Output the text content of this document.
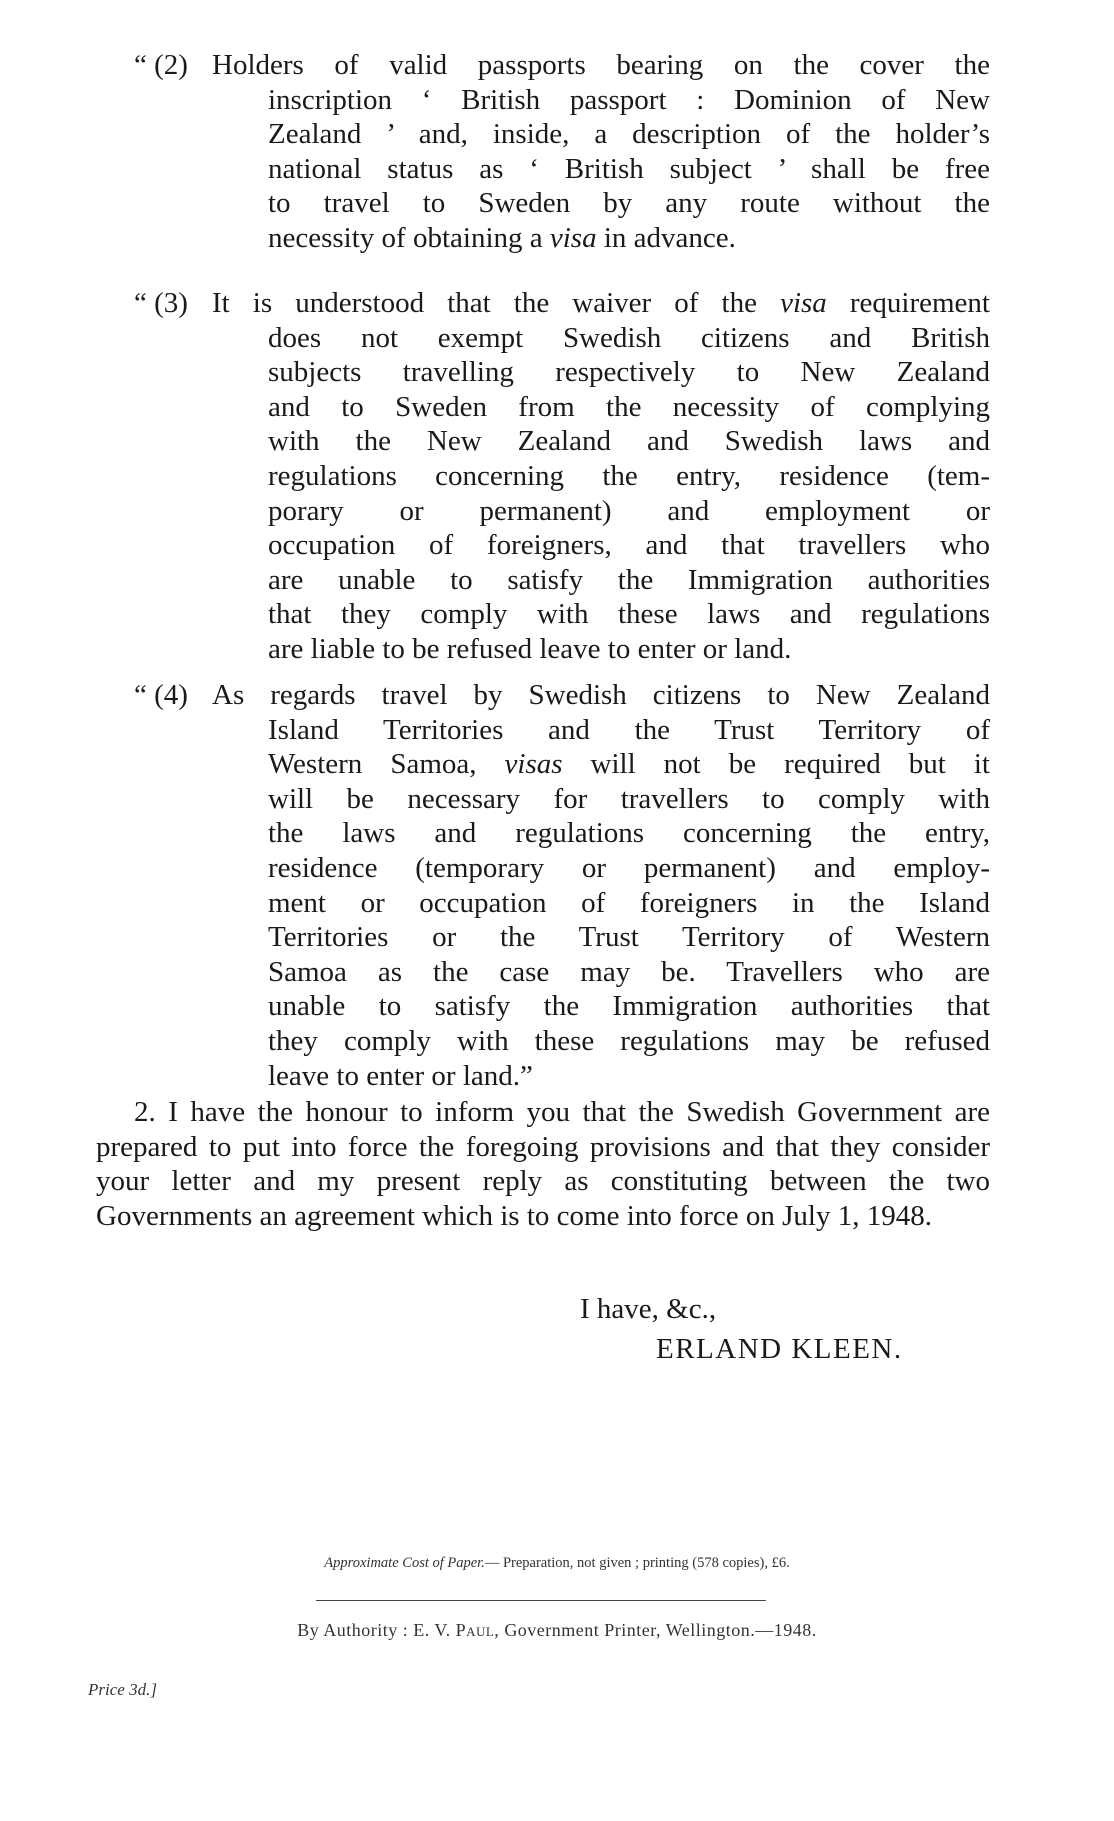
“ (2) Holders of valid passports bearing on the cover the
inscription ‘ British passport : Dominion of New
Zealand ’ and, inside, a description of the holder’s
national status as ‘ British subject ’ shall be free
to travel to Sweden by any route without the
necessity of obtaining a visa in advance.
“ (3) It is understood that the waiver of the visa requirement
does not exempt Swedish citizens and British
subjects travelling respectively to New Zealand
and to Sweden from the necessity of complying
with the New Zealand and Swedish laws and
regulations concerning the entry, residence (tem-
porary or permanent) and employment or
occupation of foreigners, and that travellers who
are unable to satisfy the Immigration authorities
that they comply with these laws and regulations
are liable to be refused leave to enter or land.
“ (4) As regards travel by Swedish citizens to New Zealand
Island Territories and the Trust Territory of
Western Samoa, visas will not be required but it
will be necessary for travellers to comply with
the laws and regulations concerning the entry,
residence (temporary or permanent) and employ-
ment or occupation of foreigners in the Island
Territories or the Trust Territory of Western
Samoa as the case may be. Travellers who are
unable to satisfy the Immigration authorities that
they comply with these regulations may be refused
leave to enter or land.”
2. I have the honour to inform you that the Swedish Government are prepared to put into force the foregoing provisions and that they consider your letter and my present reply as constituting between the two Governments an agreement which is to come into force on July 1, 1948.
I have, &c.,
ERLAND KLEEN.
Approximate Cost of Paper.— Preparation, not given ; printing (578 copies), £6.
By Authority : E. V. Paul, Government Printer, Wellington.—1948.
Price 3d.]
